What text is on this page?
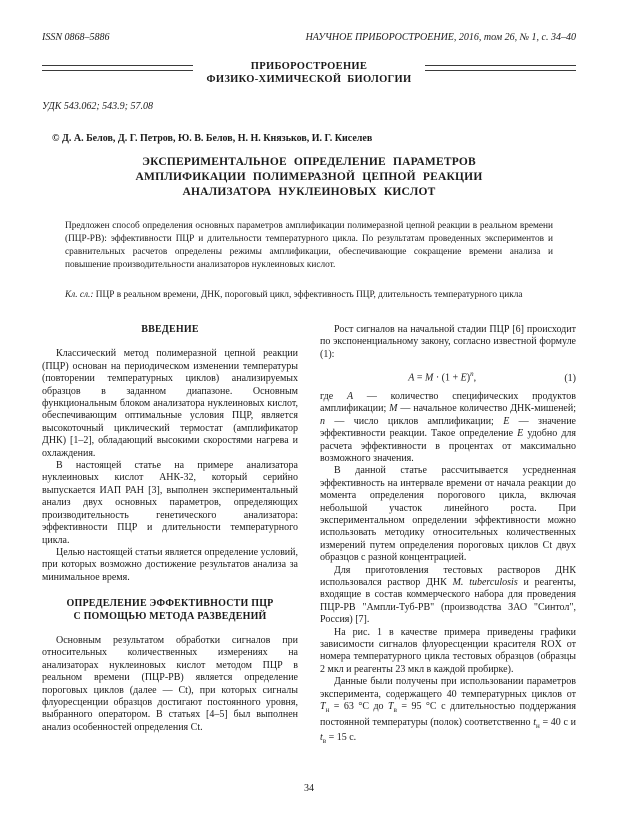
ISSN 0868–5886	НАУЧНОЕ ПРИБОРОСТРОЕНИЕ, 2016, том 26, № 1, с. 34–40
ПРИБОРОСТРОЕНИЕ
ФИЗИКО-ХИМИЧЕСКОЙ БИОЛОГИИ
УДК 543.062; 543.9; 57.08
© Д. А. Белов, Д. Г. Петров, Ю. В. Белов, Н. Н. Князьков, И. Г. Киселев
ЭКСПЕРИМЕНТАЛЬНОЕ ОПРЕДЕЛЕНИЕ ПАРАМЕТРОВ
АМПЛИФИКАЦИИ ПОЛИМЕРАЗНОЙ ЦЕПНОЙ РЕАКЦИИ
АНАЛИЗАТОРА НУКЛЕИНОВЫХ КИСЛОТ
Предложен способ определения основных параметров амплификации полимеразной цепной реакции в реальном времени (ПЦР-РВ): эффективности ПЦР и длительности температурного цикла. По результатам проведенных экспериментов и сравнительных расчетов определены режимы амплификации, обеспечивающие сокращение времени анализа и повышение производительности анализаторов нуклеиновых кислот.
Кл. сл.: ПЦР в реальном времени, ДНК, пороговый цикл, эффективность ПЦР, длительность температурного цикла
ВВЕДЕНИЕ

Классический метод полимеразной цепной реакции (ПЦР) основан на периодическом изменении температуры (повторении температурных циклов) анализируемых образцов в заданном диапазоне. Основным функциональным блоком анализатора нуклеиновых кислот, обеспечивающим оптимальные условия ПЦР, является высокоточный циклический термостат (амплификатор ДНК) [1–2], обладающий высокими скоростями нагрева и охлаждения.

В настоящей статье на примере анализатора нуклеиновых кислот АНК-32, который серийно выпускается ИАП РАН [3], выполнен экспериментальный анализ двух основных параметров, определяющих производительность генетического анализатора: эффективности ПЦР и длительности температурного цикла.

Целью настоящей статьи является определение условий, при которых возможно достижение результатов анализа за минимальное время.

ОПРЕДЕЛЕНИЕ ЭФФЕКТИВНОСТИ ПЦР
С ПОМОЩЬЮ МЕТОДА РАЗВЕДЕНИЙ

Основным результатом обработки сигналов при относительных количественных измерениях на анализаторах нуклеиновых кислот методом ПЦР в реальном времени (ПЦР-РВ) является определение пороговых циклов (далее — Ct), при которых сигналы флуоресценции образцов достигают постоянного уровня, выбранного оператором. В статьях [4–5] был выполнен анализ особенностей определения Ct.

Рост сигналов на начальной стадии ПЦР [6] происходит по экспоненциальному закону, согласно известной формуле (1):

$A = M \cdot (1 + E)^n$,	(1)

где A — количество специфических продуктов амплификации; M — начальное количество ДНК-мишеней; n — число циклов амплификации; E — значение эффективности реакции. Такое определение E удобно для расчета эффективности в процентах от максимально возможного значения.

В данной статье рассчитывается усредненная эффективность на интервале времени от начала реакции до момента определения порогового цикла, включая небольшой участок линейного роста. При экспериментальном определении эффективности можно использовать методику относительных количественных измерений путем определения пороговых циклов Ct двух образцов с разной концентрацией.

Для приготовления тестовых растворов ДНК использовался раствор ДНК M. tuberculosis и реагенты, входящие в состав коммерческого набора для проведения ПЦР-РВ "Ампли-Туб-РВ" (производства ЗАО "Синтол", Россия) [7].

На рис. 1 в качестве примера приведены графики зависимости сигналов флуоресценции красителя ROX от номера температурного цикла тестовых образцов (образцы 2 мкл и реагенты 23 мкл в каждой пробирке).

Данные были получены при использовании параметров эксперимента, содержащего 40 температурных циклов от $T_н = 63$ °C до $T_в = 95$ °C с длительностью поддержания постоянной температуры (полок) соответственно $t_н = 40$ с и $t_в = 15$ с.

34
